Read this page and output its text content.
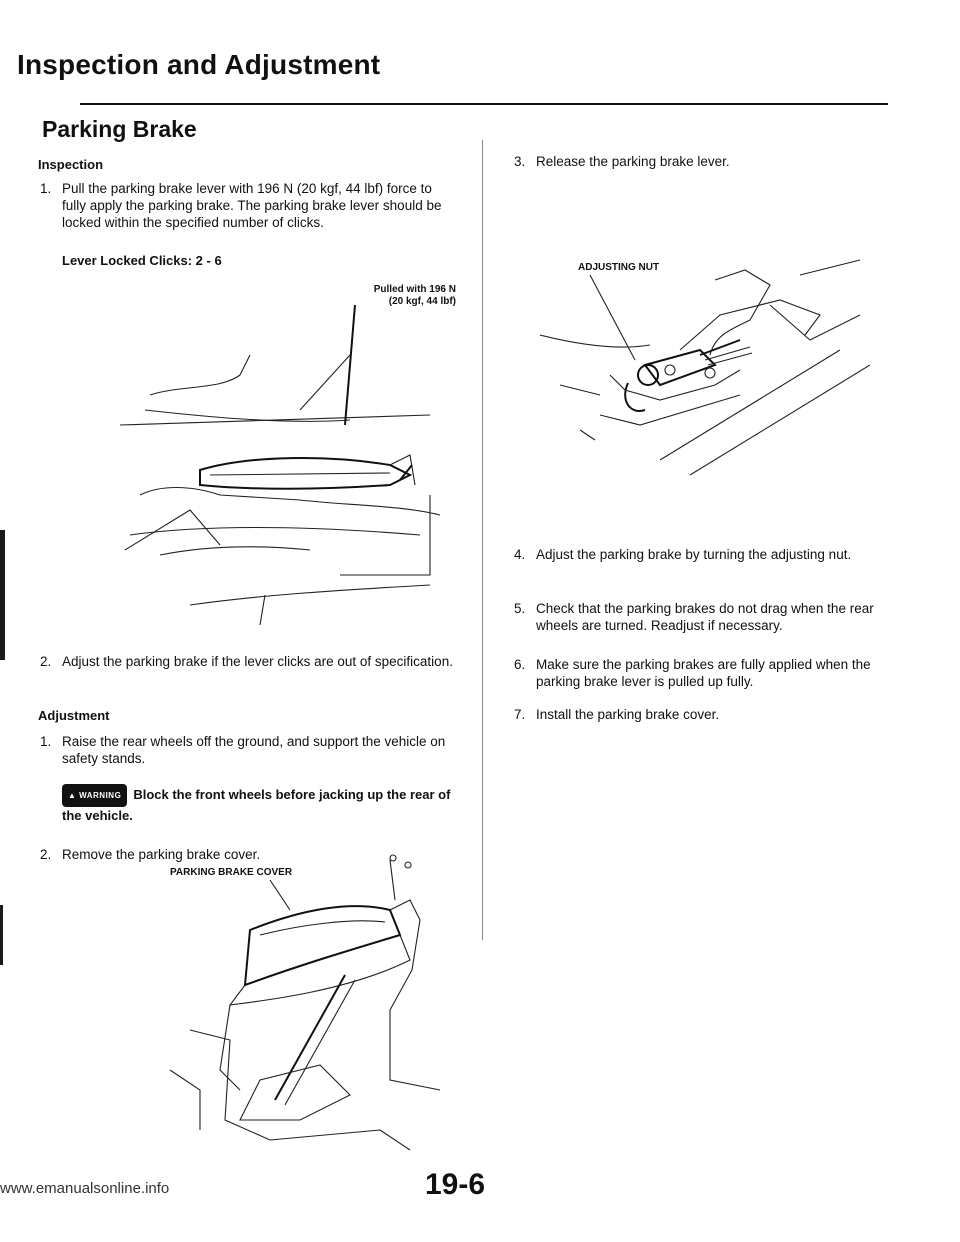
Inspection and Adjustment
Parking Brake
Inspection
1. Pull the parking brake lever with 196 N (20 kgf, 44 lbf) force to fully apply the parking brake. The parking brake lever should be locked within the specified number of clicks.
Lever Locked Clicks: 2 - 6
Pulled with 196 N
(20 kgf, 44 lbf)
2. Adjust the parking brake if the lever clicks are out of specification.
Adjustment
1. Raise the rear wheels off the ground, and support the vehicle on safety stands.
▲ WARNING Block the front wheels before jacking up the rear of the vehicle.
2. Remove the parking brake cover.
PARKING BRAKE COVER
3. Release the parking brake lever.
ADJUSTING NUT
4. Adjust the parking brake by turning the adjusting nut.
5. Check that the parking brakes do not drag when the rear wheels are turned. Readjust if necessary.
6. Make sure the parking brakes are fully applied when the parking brake lever is pulled up fully.
7. Install the parking brake cover.
19-6
www.emanualsonline.info
